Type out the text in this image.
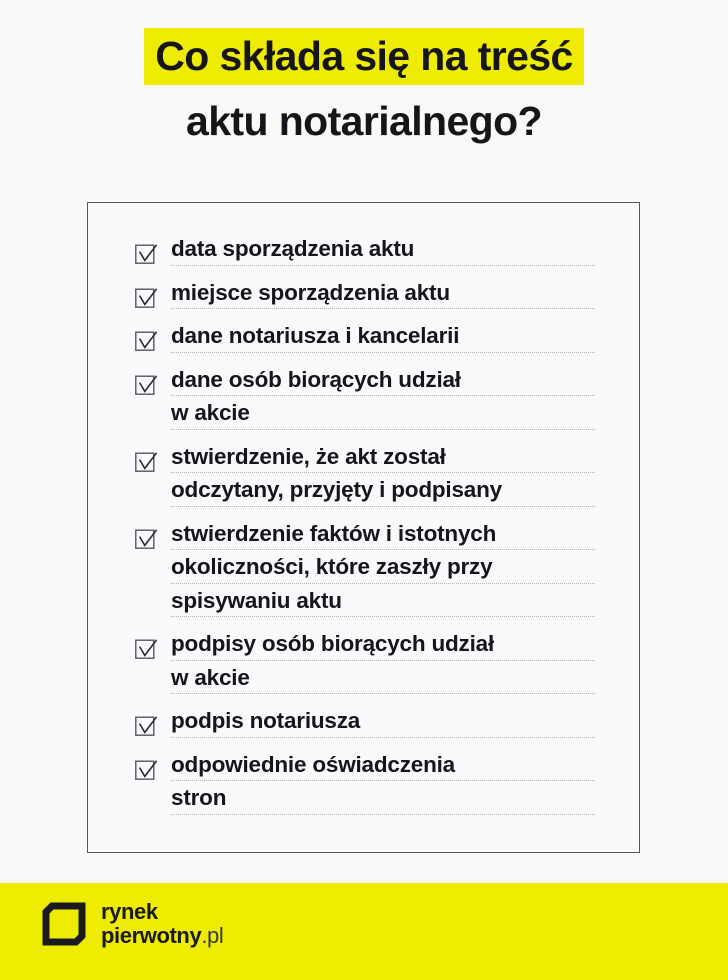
Co składa się na treść
aktu notarialnego?
data sporządzenia aktu
miejsce sporządzenia aktu
dane notariusza i kancelarii
dane osób biorących udział
w akcie
stwierdzenie, że akt został
odczytany, przyjęty i podpisany
stwierdzenie faktów i istotnych
okoliczności, które zaszły przy
spisywaniu aktu
podpisy osób biorących udział
w akcie
podpis notariusza
odpowiednie oświadczenia
stron
rynek
pierwotny.pl
